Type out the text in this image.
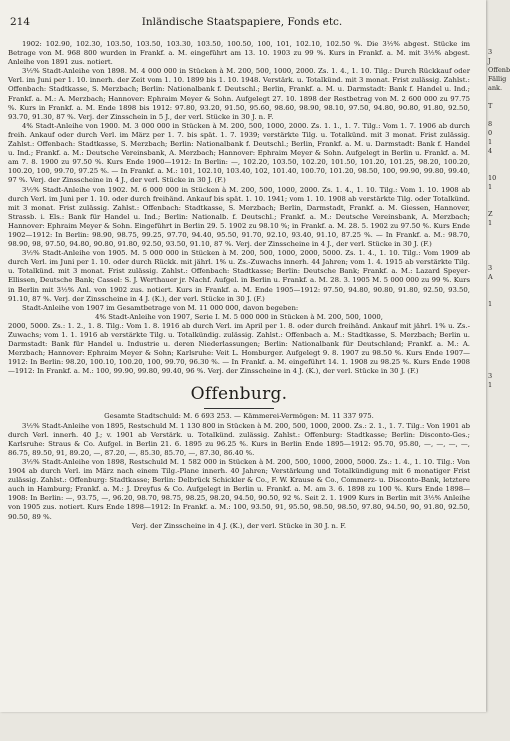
214	Inländische Staatspapiere, Fonds etc.

1902: 102.90, 102.30, 103.50, 103.50, 103.30, 103.50, 100.50, 100, 101, 102.10, 102.50 %. Die 3½% abgest. Stücke im Betrage von M. 968 800 wurden in Frankf. a. M. eingeführt am 13. 10. 1903 zu 99 %. Kurs in Frankf. a. M. mit 3½% abgest. Anleihe von 1891 zus. notiert.

3½% Stadt-Anleihe von 1898. M. 4 000 000 in Stücken à M. 200, 500, 1000, 2000. Zs. 1. 4., 1. 10. Tilg.: Durch Rückkauf oder Verl. im Juni per 1. 10. innerh. der Zeit vom 1. 10. 1899 bis 1. 10. 1948. Verstärk. u. Totalkünd. mit 3 monat. Frist zulässig. Zahlst.: Offenbach: Stadtkasse, S. Merzbach; Berlin: Nationalbank f. Deutschl.; Berlin, Frankf. a. M. u. Darmstadt: Bank f. Handel u. Ind.; Frankf. a. M.: A. Merzbach; Hannover: Ephraim Meyer & Sohn. Aufgelegt 27. 10. 1898 der Restbetrag von M. 2 600 000 zu 97.75 %. Kurs in Frankf. a. M. Ende 1898 bis 1912: 97.80, 93.20, 91.50, 95.60, 98.60, 98.90, 98.10, 97.50, 94.80, 90.80, 91.80, 92.50, 93.70, 91.30, 87 %. Verj. der Zinsschein in 5 J., der verl. Stücke in 30 J. n. F.

4% Stadt-Anleihe von 1900. M. 3 000 000 in Stücken à M. 200, 500, 1000, 2000. Zs. 1. 1., 1. 7. Tilg.: Vom 1. 7. 1906 ab durch freih. Ankauf oder durch Verl. im März per 1. 7. bis spät. 1. 7. 1939; verstärkte Tilg. u. Totalkünd. mit 3 monat. Frist zulässig. Zahlst.: Offenbach: Stadtkasse, S. Merzbach; Berlin: Nationalbank f. Deutschl.; Berlin, Frankf. a. M. u. Darmstadt: Bank f. Handel u. Ind.; Frankf. a. M.: Deutsche Vereinsbank, A. Merzbach; Hannover: Ephraim Meyer & Sohn. Aufgelegt in Berlin u. Frankf. a. M. am 7. 8. 1900 zu 97.50 %. Kurs Ende 1900—1912: In Berlin: —, 102.20, 103.50, 102.20, 101.50, 101.20, 101.25, 98.20, 100.20, 100.20, 100, 99.70, 97.25 %. — In Frankf. a. M.: 101, 102.10, 103.40, 102, 101.40, 100.70, 101.20, 98.50, 100, 99.90, 99.80, 99.40, 97 %. Verj. der Zinsscheine in 4 J., der verl. Stücke in 30 J. (F.)

3½% Stadt-Anleihe von 1902. M. 6 000 000 in Stücken à M. 200, 500, 1000, 2000. Zs. 1. 4., 1. 10. Tilg.: Vom 1. 10. 1908 ab durch Verl. im Juni per 1. 10. oder durch freihänd. Ankauf bis spät. 1. 10. 1941; vom 1. 10. 1908 ab verstärkte Tilg. oder Totalkünd. mit 3 monat. Frist zulässig. Zahlst.: Offenbach: Stadtkasse, S. Merzbach; Berlin, Darmstadt, Frankf. a. M. Giessen, Hannover, Strassb. i. Els.: Bank für Handel u. Ind.; Berlin: Nationalb. f. Deutschl.; Frankf. a. M.: Deutsche Vereinsbank, A. Merzbach; Hannover: Ephraim Meyer & Sohn. Eingeführt in Berlin 29. 5. 1902 zu 98.10 %; in Frankf. a. M. 28. 5. 1902 zu 97.50 %. Kurs Ende 1902—1912: In Berlin: 98.90, 98.75, 99.25, 97.70, 94.40, 95.50, 91.70, 92.10, 93.40, 91.10, 87.25 %. — In Frankf. a. M.: 98.70, 98.90, 98, 97.50, 94.80, 90.80, 91.80, 92.50, 93.50, 91.10, 87 %. Verj. der Zinsscheine in 4 J., der verl. Stücke in 30 J. (F.)

3½% Stadt-Anleihe von 1905. M. 5 000 000 in Stücken à M. 200, 500, 1000, 2000, 5000. Zs. 1. 4., 1. 10. Tilg.: Vom 1909 ab durch Verl. im Juni per 1. 10. oder durch Rückk. mit jährl. 1% u. Zs.-Zuwachs innerh. 44 Jahren; vom 1. 4. 1915 ab verstärkte Tilg. u. Totalkünd. mit 3 monat. Frist zulässig. Zahlst.: Offenbach: Stadtkasse; Berlin: Deutsche Bank; Frankf. a. M.: Lazard Speyer-Ellissen, Deutsche Bank; Cassel: S. J. Werthauer jr. Nachf. Aufgel. in Berlin u. Frankf. a. M. 28. 3. 1905 M. 5 000 000 zu 99 %. Kurs in Berlin mit 3½% Anl. von 1902 zus. notiert. Kurs in Frankf. a. M. Ende 1905—1912: 97.50, 94.80, 90.80, 91.80, 92.50, 93.50, 91.10, 87 %. Verj. der Zinsscheine in 4 J. (K.), der verl. Stücke in 30 J. (F.)

Stadt-Anleihe von 1907 im Gesamtbetrage von M. 11 000 000, davon begeben:

4% Stadt-Anleihe von 1907, Serie I. M. 5 000 000 in Stücken à M. 200, 500, 1000,

2000, 5000. Zs.: 1. 2., 1. 8. Tilg.: Vom 1. 8. 1916 ab durch Verl. im April per 1. 8. oder durch freihänd. Ankauf mit jährl. 1% u. Zs.-Zuwachs; vom 1. 1. 1916 ab verstärkte Tilg. u. Totalkündig. zulässig. Zahlst.: Offenbach a. M.: Stadtkasse, S. Merzbach; Berlin u. Darmstadt: Bank für Handel u. Industrie u. deren Niederlassungen; Berlin: Nationalbank für Deutschland; Frankf. a. M.: A. Merzbach; Hannover: Ephraim Meyer & Sohn; Karlsruhe: Veit L. Homburger. Aufgelegt 9. 8. 1907 zu 98.50 %. Kurs Ende 1907—1912: In Berlin: 98.20, 100.10, 100.20, 100, 99.70, 96.30 %. — In Frankf. a. M. eingeführt 14. 1. 1908 zu 98.25 %. Kurs Ende 1908—1912: In Frankf. a. M.: 100, 99.90, 99.80, 99.40, 96 %. Verj. der Zinsscheine in 4 J. (K.), der verl. Stücke in 30 J. (F.)

Offenburg.

Gesamte Stadtschuld: M. 6 693 253. — Kämmerei-Vermögen: M. 11 337 975.

3½% Stadt-Anleihe von 1895, Restschuld M. 1 130 800 in Stücken à M. 200, 500, 1000, 2000. Zs.: 2. 1., 1. 7. Tilg.: Von 1901 ab durch Verl. innerh. 40 J.; v. 1901 ab Verstärk. u. Totalkünd. zulässig. Zahlst.: Offenburg: Stadtkasse; Berlin: Disconto-Ges.; Karlsruhe: Straus & Co. Aufgel. in Berlin 21. 6. 1895 zu 96.25 %. Kurs in Berlin Ende 1895—1912: 95.70, 95.80, —, —, —, —, 86.75, 89.50, 91, 89.20, —, 87.20, —, 85.30, 85.70, —, 87.30, 86.40 %.

3½% Stadt-Anleihe von 1898, Restschuld M. 1 582 000 in Stücken à M. 200, 500, 1000, 2000, 5000. Zs.: 1. 4., 1. 10. Tilg.: Von 1904 ab durch Verl. im März nach einem Tilg.-Plane innerh. 40 Jahren; Verstärkung und Totalkündigung mit 6 monatiger Frist zulässig. Zahlst.: Offenburg: Stadtkasse; Berlin: Delbrück Schickler & Co., F. W. Krause & Co., Commerz- u. Disconto-Bank, letztere auch in Hamburg; Frankf. a. M.: J. Dreyfus & Co. Aufgelegt in Berlin u. Frankf. a. M. am 3. 6. 1898 zu 100 %. Kurs Ende 1898—1908: In Berlin: —, 93.75, —, 96.20, 98.70, 98.75, 98.25, 98.20, 94.50, 90.50, 92 %. Seit 2. 1. 1909 Kurs in Berlin mit 3½% Anleihe von 1905 zus. notiert. Kurs Ende 1898—1912: In Frankf. a. M.: 100, 93.50, 91, 95.50, 98.50, 98.50, 97.80, 94.50, 90, 91.80, 92.50, 90.50, 89 %.

Verj. der Zinsscheine in 4 J. (K.), der verl. Stücke in 30 J. n. F.

3
J
Offenb
Fällig
ank.

T

8
0
1
4

10
1

Z
1

3
A

1

3
1
